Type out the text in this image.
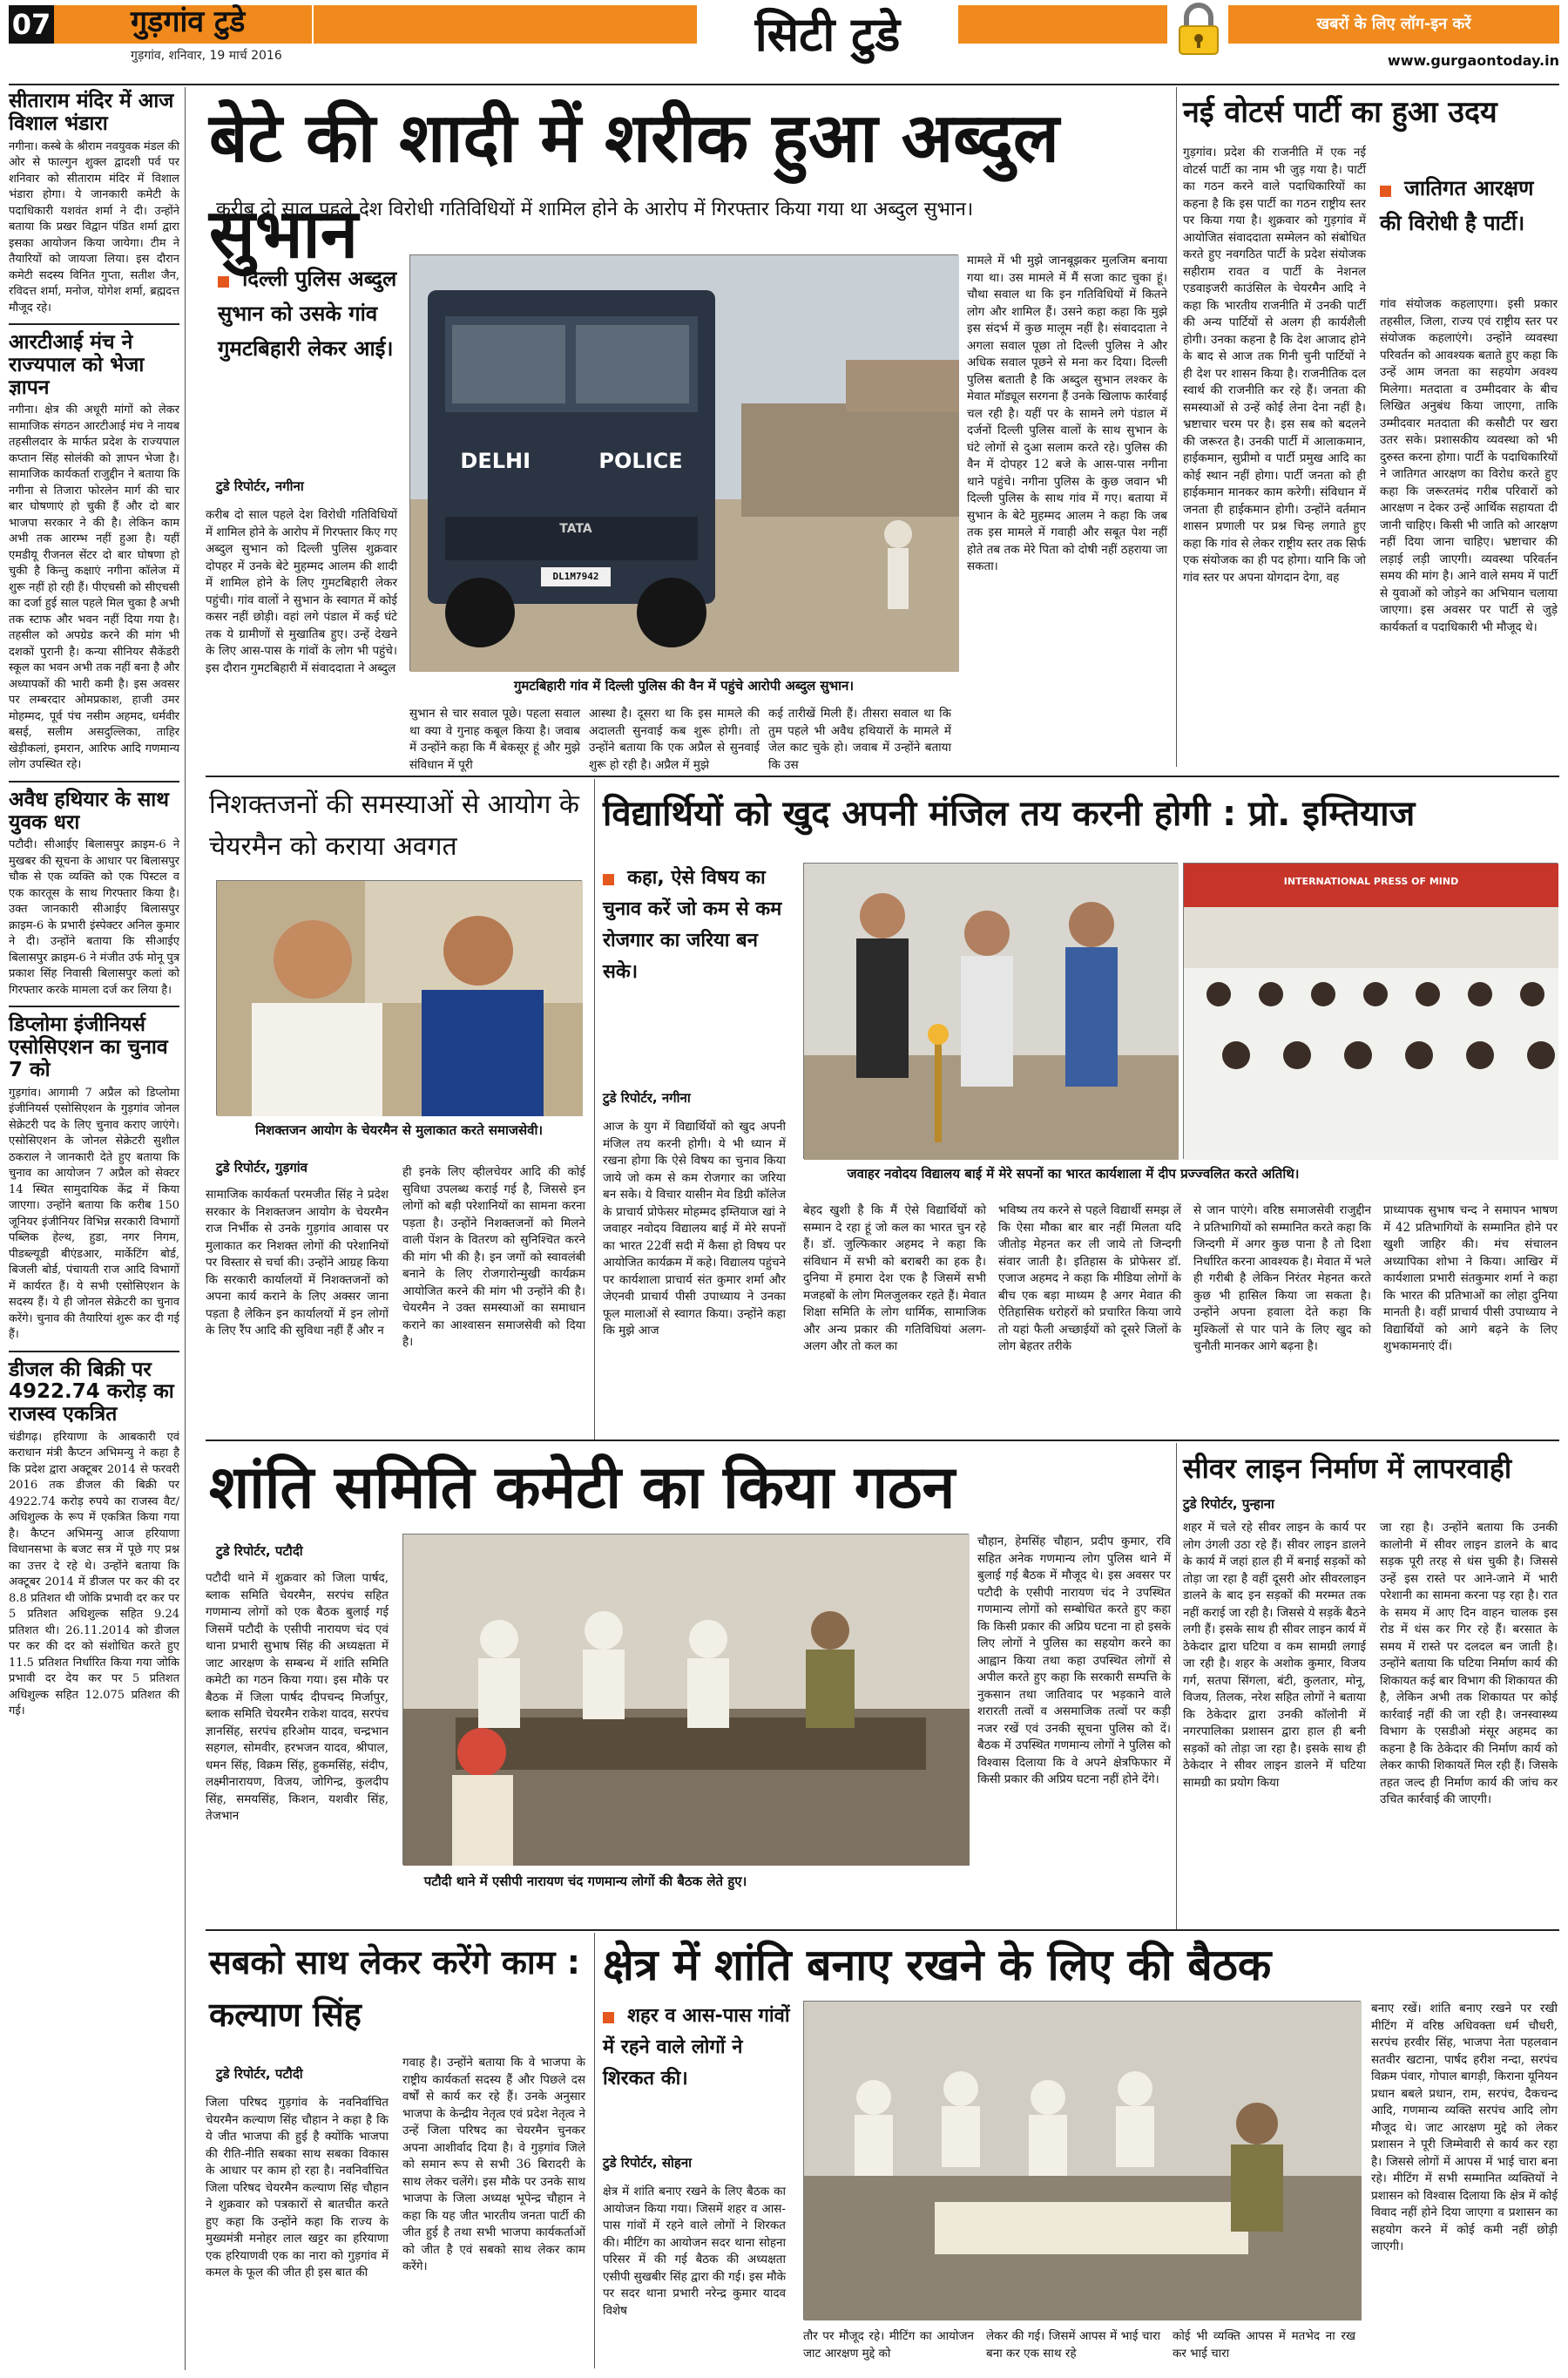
07	गुड़गांव टुडे
गुड़गांव, शनिवार, 19 मार्च 2016	सिटी टुडे	खबरों के लिए लॉग-इन करें
www.gurgaontoday.in
सीताराम मंदिर में आज विशाल भंडारा
नगीना। कस्बे के श्रीराम नवयुवक मंडल की ओर से फाल्गुन शुक्ल द्वादशी पर्व पर शनिवार को सीताराम मंदिर में विशाल भंडारा होगा। ये जानकारी कमेटी के पदाधिकारी यशवंत शर्मा ने दी। उन्होंने बताया कि प्रखर विद्वान पंडित शर्मा द्वारा इसका आयोजन किया जायेगा। टीम ने तैयारियों को जायजा लिया। इस दौरान कमेटी सदस्य विनित गुप्ता, सतीश जैन, रविदत्त शर्मा, मनोज, योगेश शर्मा, ब्रह्मदत्त मौजूद रहे।
आरटीआई मंच ने राज्यपाल को भेजा ज्ञापन
नगीना। क्षेत्र की अधूरी मांगों को लेकर सामाजिक संगठन आरटीआई मंच ने नायब तहसीलदार के मार्फत प्रदेश के राज्यपाल कप्तान सिंह सोलंकी को ज्ञापन भेजा है। सामाजिक कार्यकर्ता राजुद्दीन ने बताया कि नगीना से तिजारा फोरलेन मार्ग की चार बार घोषणाएं हो चुकी हैं और दो बार भाजपा सरकार ने की है। लेकिन काम अभी तक आरम्भ नहीं हुआ है। यहीं एमडीयू रीजनल सेंटर दो बार घोषणा हो चुकी है किन्तु कक्षाएं नगीना कॉलेज में शुरू नहीं हो रही हैं। पीएचसी को सीएचसी का दर्जा हुई साल पहले मिल चुका है अभी तक स्टाफ और भवन नहीं दिया गया है। तहसील को अपग्रेड करने की मांग भी दशकों पुरानी है। कन्या सीनियर सैकेंडरी स्कूल का भवन अभी तक नहीं बना है और अध्यापकों की भारी कमी है। इस अवसर पर लम्बरदार ओमप्रकाश, हाजी उमर मोहम्मद, पूर्व पंच नसीम अहमद, धर्मवीर बसई, सलीम असदुल्लिका, ताहिर खेड़ीकलां, इमरान, आरिफ आदि गणमान्य लोग उपस्थित रहे।
अवैध हथियार के साथ युवक धरा
पटौदी। सीआईए बिलासपुर क्राइम-6 ने मुखबर की सूचना के आधार पर बिलासपुर चौक से एक व्यक्ति को एक पिस्टल व एक कारतूस के साथ गिरफ्तार किया है। उक्त जानकारी सीआईए बिलासपुर क्राइम-6 के प्रभारी इंस्पेक्टर अनिल कुमार ने दी। उन्होंने बताया कि सीआईए बिलासपुर क्राइम-6 ने मंजीत उर्फ मोनू पुत्र प्रकाश सिंह निवासी बिलासपुर कलां को गिरफ्तार करके मामला दर्ज कर लिया है।
डिप्लोमा इंजीनियर्स एसोसिएशन का चुनाव 7 को
गुड़गांव। आगामी 7 अप्रैल को डिप्लोमा इंजीनियर्स एसोसिएशन के गुड़गांव जोनल सेक्रेटरी पद के लिए चुनाव कराए जाएंगे। एसोसिएशन के जोनल सेक्रेटरी सुशील ठकराल ने जानकारी देते हुए बताया कि चुनाव का आयोजन 7 अप्रैल को सेक्टर 14 स्थित सामुदायिक केंद्र में किया जाएगा। उन्होंने बताया कि करीब 150 जूनियर इंजीनियर विभिन्न सरकारी विभागों पब्लिक हेल्थ, हुडा, नगर निगम, पीडब्ल्यूडी बीएंडआर, मार्केटिंग बोर्ड, बिजली बोर्ड, पंचायती राज आदि विभागों में कार्यरत हैं। ये सभी एसोसिएशन के सदस्य हैं। ये ही जोनल सेक्रेटरी का चुनाव करेंगे। चुनाव की तैयारियां शुरू कर दी गई हैं।
डीजल की बिक्री पर 4922.74 करोड़ का राजस्व एकत्रित
चंडीगढ़। हरियाणा के आबकारी एवं कराधान मंत्री कैप्टन अभिमन्यु ने कहा है कि प्रदेश द्वारा अक्टूबर 2014 से फरवरी 2016 तक डीजल की बिक्री पर 4922.74 करोड़ रुपये का राजस्व वैट/अधिशुल्क के रूप में एकत्रित किया गया है। कैप्टन अभिमन्यु आज हरियाणा विधानसभा के बजट सत्र में पूछे गए प्रश्न का उत्तर दे रहे थे। उन्होंने बताया कि अक्टूबर 2014 में डीजल पर कर की दर 8.8 प्रतिशत थी जोकि प्रभावी दर कर पर 5 प्रतिशत अधिशुल्क सहित 9.24 प्रतिशत थी। 26.11.2014 को डीजल पर कर की दर को संशोधित करते हुए 11.5 प्रतिशत निर्धारित किया गया जोकि प्रभावी दर देय कर पर 5 प्रतिशत अधिशुल्क सहित 12.075 प्रतिशत की गई।
बेटे की शादी में शरीक हुआ अब्दुल सुभान
करीब दो साल पहले देश विरोधी गतिविधियों में शामिल होने के आरोप में गिरफ्तार किया गया था अब्दुल सुभान।
दिल्ली पुलिस अब्दुल सुभान को उसके गांव गुमटबिहारी लेकर आई।
टुडे रिपोर्टर, नगीना
करीब दो साल पहले देश विरोधी गतिविधियों में शामिल होने के आरोप में गिरफ्तार किए गए अब्दुल सुभान को दिल्ली पुलिस शुक्रवार दोपहर में उनके बेटे मुहम्मद आलम की शादी में शामिल होने के लिए गुमटबिहारी लेकर पहुंची। गांव वालों ने सुभान के स्वागत में कोई कसर नहीं छोड़ी। वहां लगे पंडाल में कई घंटे तक ये ग्रामीणों से मुखातिब हुए। उन्हें देखने के लिए आस-पास के गांवों के लोग भी पहुंचे। इस दौरान गुमटबिहारी में संवाददाता ने अब्दुल
DELHI POLICE
TATA
DL1M7942
गुमटबिहारी गांव में दिल्ली पुलिस की वैन में पहुंचे आरोपी अब्दुल सुभान।
सुभान से चार सवाल पूछे। पहला सवाल था क्या वे गुनाह कबूल किया है। जवाब में उन्होंने कहा कि मैं बेकसूर हूं और मुझे संविधान में पूरी
आस्था है। दूसरा था कि इस मामले की अदालती सुनवाई कब शुरू होगी। तो उन्होंने बताया कि एक अप्रैल से सुनवाई शुरू हो रही है। अप्रैल में मुझे
कई तारीखें मिली हैं। तीसरा सवाल था कि तुम पहले भी अवैध हथियारों के मामले में जेल काट चुके हो। जवाब में उन्होंने बताया कि उस
मामले में भी मुझे जानबूझकर मुलजिम बनाया गया था। उस मामले में मैं सजा काट चुका हूं। चौथा सवाल था कि इन गतिविधियों में कितने लोग और शामिल हैं। उसने कहा कहा कि मुझे इस संदर्भ में कुछ मालूम नहीं है। संवाददाता ने अगला सवाल पूछा तो दिल्ली पुलिस ने और अधिक सवाल पूछने से मना कर दिया। दिल्ली पुलिस बताती है कि अब्दुल सुभान लश्कर के मेवात मॉड्यूल सरगना हैं उनके खिलाफ कार्रवाई चल रही है। यहीं पर के सामने लगे पंडाल में दर्जनों दिल्ली पुलिस वालों के साथ सुभान के घंटे लोगों से दुआ सलाम करते रहे। पुलिस की वैन में दोपहर 12 बजे के आस-पास नगीना थाने पहुंचे। नगीना पुलिस के कुछ जवान भी दिल्ली पुलिस के साथ गांव में गए। बताया में सुभान के बेटे मुहम्मद आलम ने कहा कि जब तक इस मामले में गवाही और सबूत पेश नहीं होते तब तक मेरे पिता को दोषी नहीं ठहराया जा सकता।
नई वोटर्स पार्टी का हुआ उदय
गुड़गांव। प्रदेश की राजनीति में एक नई वोटर्स पार्टी का नाम भी जुड़ गया है। पार्टी का गठन करने वाले पदाधिकारियों का कहना है कि इस पार्टी का गठन राष्ट्रीय स्तर पर किया गया है। शुक्रवार को गुड़गांव में आयोजित संवाददाता सम्मेलन को संबोधित करते हुए नवगठित पार्टी के प्रदेश संयोजक सहीराम रावत व पार्टी के नेशनल एडवाइजरी काउंसिल के चेयरमैन आदि ने कहा कि भारतीय राजनीति में उनकी पार्टी की अन्य पार्टियों से अलग ही कार्यशैली होगी। उनका कहना है कि देश आजाद होने के बाद से आज तक गिनी चुनी पार्टियों ने ही देश पर शासन किया है। राजनीतिक दल स्वार्थ की राजनीति कर रहे हैं। जनता की समस्याओं से उन्हें कोई लेना देना नहीं है। भ्रष्टाचार चरम पर है। इस सब को बदलने की जरूरत है। उनकी पार्टी में आलाकमान, हाईकमान, सुप्रीमो व पार्टी प्रमुख आदि का कोई स्थान नहीं होगा। पार्टी जनता को ही हाईकमान मानकर काम करेगी। संविधान में जनता ही हाईकमान होगी। उन्होंने वर्तमान शासन प्रणाली पर प्रश्न चिन्ह लगाते हुए कहा कि गांव से लेकर राष्ट्रीय स्तर तक सिर्फ एक संयोजक का ही पद होगा। यानि कि जो गांव स्तर पर अपना योगदान देगा, वह
जातिगत आरक्षण की विरोधी है पार्टी।
गांव संयोजक कहलाएगा। इसी प्रकार तहसील, जिला, राज्य एवं राष्ट्रीय स्तर पर संयोजक कहलाएंगे। उन्होंने व्यवस्था परिवर्तन को आवश्यक बताते हुए कहा कि उन्हें आम जनता का सहयोग अवश्य मिलेगा। मतदाता व उम्मीदवार के बीच लिखित अनुबंध किया जाएगा, ताकि उम्मीदवार मतदाता की कसौटी पर खरा उतर सके। प्रशासकीय व्यवस्था को भी दुरुस्त करना होगा। पार्टी के पदाधिकारियों ने जातिगत आरक्षण का विरोध करते हुए कहा कि जरूरतमंद गरीब परिवारों को आरक्षण न देकर उन्हें आर्थिक सहायता दी जानी चाहिए। किसी भी जाति को आरक्षण नहीं दिया जाना चाहिए। भ्रष्टाचार की लड़ाई लड़ी जाएगी। व्यवस्था परिवर्तन समय की मांग है। आने वाले समय में पार्टी से युवाओं को जोड़ने का अभियान चलाया जाएगा। इस अवसर पर पार्टी से जुड़े कार्यकर्ता व पदाधिकारी भी मौजूद थे।
निशक्तजनों की समस्याओं से आयोग के चेयरमैन को कराया अवगत
निशक्तजन आयोग के चेयरमैन से मुलाकात करते समाजसेवी।
टुडे रिपोर्टर, गुड़गांव
सामाजिक कार्यकर्ता परमजीत सिंह ने प्रदेश सरकार के निशक्तजन आयोग के चेयरमैन राज निर्भीक से उनके गुड़गांव आवास पर मुलाकात कर निशक्त लोगों की परेशानियों पर विस्तार से चर्चा की। उन्होंने आग्रह किया कि सरकारी कार्यालयों में निशक्तजनों को अपना कार्य कराने के लिए अक्सर जाना पड़ता है लेकिन इन कार्यालयों में इन लोगों के लिए रैंप आदि की सुविधा नहीं हैं और न
ही इनके लिए व्हीलचेयर आदि की कोई सुविधा उपलब्ध कराई गई है, जिससे इन लोगों को बड़ी परेशानियों का सामना करना पड़ता है। उन्होंने निशक्तजनों को मिलने वाली पेंशन के वितरण को सुनिश्चित करने की मांग भी की है। इन जगों को स्वावलंबी बनाने के लिए रोजगारोन्मुखी कार्यक्रम आयोजित करने की मांग भी उन्होंने की है। चेयरमैन ने उक्त समस्याओं का समाधान कराने का आश्वासन समाजसेवी को दिया है।
विद्यार्थियों को खुद अपनी मंजिल तय करनी होगी : प्रो. इम्तियाज
कहा, ऐसे विषय का चुनाव करें जो कम से कम रोजगार का जरिया बन सके।
टुडे रिपोर्टर, नगीना
आज के युग में विद्यार्थियों को खुद अपनी मंजिल तय करनी होगी। ये भी ध्यान में रखना होगा कि ऐसे विषय का चुनाव किया जाये जो कम से कम रोजगार का जरिया बन सके। ये विचार यासीन मेव डिग्री कॉलेज के प्राचार्य प्रोफेसर मोहम्मद इम्तियाज खां ने जवाहर नवोदय विद्यालय बाई में मेरे सपनों का भारत 22वीं सदी में कैसा हो विषय पर आयोजित कार्यक्रम में कहे। विद्यालय पहुंचने पर कार्यशाला प्राचार्य संत कुमार शर्मा और जेएनवी प्राचार्य पीसी उपाध्याय ने उनका फूल मालाओं से स्वागत किया। उन्होंने कहा कि मुझे आज
INTERNATIONAL PRESS OF MIND
जवाहर नवोदय विद्यालय बाई में मेरे सपनों का भारत कार्यशाला में दीप प्रज्ज्वलित करते अतिथि।
बेहद खुशी है कि मैं ऐसे विद्यार्थियों को सम्मान दे रहा हूं जो कल का भारत चुन रहे हैं। डॉ. जुल्फिकार अहमद ने कहा कि संविधान में सभी को बराबरी का हक है। दुनिया में हमारा देश एक है जिसमें सभी मजहबों के लोग मिलजुलकर रहते हैं। मेवात शिक्षा समिति के लोग धार्मिक, सामाजिक और अन्य प्रकार की गतिविधियां अलग-अलग और तो कल का
भविष्य तय करने से पहले विद्यार्थी समझ लें कि ऐसा मौका बार बार नहीं मिलता यदि जीतोड़ मेहनत कर ली जाये तो जिन्दगी संवार जाती है। इतिहास के प्रोफेसर डॉ. एजाज अहमद ने कहा कि मीडिया लोगों के बीच एक बड़ा माध्यम है अगर मेवात की ऐतिहासिक धरोहरों को प्रचारित किया जाये तो यहां फैली अच्छाईयों को दूसरे जिलों के लोग बेहतर तरीके
से जान पाएंगे। वरिष्ठ समाजसेवी राजुद्दीन ने प्रतिभागियों को सम्मानित करते कहा कि जिन्दगी में अगर कुछ पाना है तो दिशा निर्धारित करना आवश्यक है। मेवात में भले ही गरीबी है लेकिन निरंतर मेहनत करते कुछ भी हासिल किया जा सकता है। उन्होंने अपना हवाला देते कहा कि मुश्किलों से पार पाने के लिए खुद को चुनौती मानकर आगे बढ़ना है।
प्राध्यापक सुभाष चन्द ने समापन भाषण में 42 प्रतिभागियों के सम्मानित होने पर खुशी जाहिर की। मंच संचालन अध्यापिका शोभा ने किया। आखिर में कार्यशाला प्रभारी संतकुमार शर्मा ने कहा कि भारत की प्रतिभाओं का लोहा दुनिया मानती है। वहीं प्राचार्य पीसी उपाध्याय ने विद्यार्थियों को आगे बढ़ने के लिए शुभकामनाएं दीं।
शांति समिति कमेटी का किया गठन
टुडे रिपोर्टर, पटौदी
पटौदी थाने में शुक्रवार को जिला पार्षद, ब्लाक समिति चेयरमैन, सरपंच सहित गणमान्य लोगों को एक बैठक बुलाई गई जिसमें पटौदी के एसीपी नारायण चंद एवं थाना प्रभारी सुभाष सिंह की अध्यक्षता में जाट आरक्षण के सम्बन्ध में शांति समिति कमेटी का गठन किया गया। इस मौके पर बैठक में जिला पार्षद दीपचन्द मिर्जापुर, ब्लाक समिति चेयरमैन राकेश यादव, सरपंच ज्ञानसिंह, सरपंच हरिओम यादव, चन्द्रभान सहगल, सोमवीर, हरभजन यादव, श्रीपाल, धमन सिंह, विक्रम सिंह, हुकमसिंह, संदीप, लक्ष्मीनारायण, विजय, जोगिन्द्र, कुलदीप सिंह, समयसिंह, किशन, यशवीर सिंह, तेजभान
पटौदी थाने में एसीपी नारायण चंद गणमान्य लोगों की बैठक लेते हुए।
चौहान, हेमसिंह चौहान, प्रदीप कुमार, रवि सहित अनेक गणमान्य लोग पुलिस थाने में बुलाई गई बैठक में मौजूद थे। इस अवसर पर पटौदी के एसीपी नारायण चंद ने उपस्थित गणमान्य लोगों को सम्बोधित करते हुए कहा कि किसी प्रकार की अप्रिय घटना ना हो इसके लिए लोगों ने पुलिस का सहयोग करने का आह्वान किया तथा कहा उपस्थित लोगों से अपील करते हुए कहा कि सरकारी सम्पत्ति के नुकसान तथा जातिवाद पर भड़काने वाले शरारती तत्वों व असमाजिक तत्वों पर कड़ी नजर रखें एवं उनकी सूचना पुलिस को दें। बैठक में उपस्थित गणमान्य लोगों ने पुलिस को विश्वास दिलाया कि वे अपने क्षेत्रफिफार में किसी प्रकार की अप्रिय घटना नहीं होने देंगे।
सीवर लाइन निर्माण में लापरवाही
टुडे रिपोर्टर, पुन्हाना
शहर में चले रहे सीवर लाइन के कार्य पर लोग उंगली उठा रहे हैं। सीवर लाइन डालने के कार्य में जहां हाल ही में बनाई सड़कों को तोड़ा जा रहा है वहीं दूसरी ओर सीवरलाइन डालने के बाद इन सड़कों की मरम्मत तक नहीं कराई जा रही है। जिससे ये सड़कें बैठने लगी हैं। इसके साथ ही सीवर लाइन कार्य में ठेकेदार द्वारा घटिया व कम सामग्री लगाई जा रही है। शहर के अशोक कुमार, विजय गर्ग, सतपा सिंगला, बंटी, कुलतार, मोनू, विजय, तिलक, नरेश सहित लोगों ने बताया कि ठेकेदार द्वारा उनकी कॉलोनी में नगरपालिका प्रशासन द्वारा हाल ही बनी सड़कों को तोड़ा जा रहा है। इसके साथ ही ठेकेदार ने सीवर लाइन डालने में घटिया सामग्री का प्रयोग किया
जा रहा है। उन्होंने बताया कि उनकी कालोनी में सीवर लाइन डालने के बाद सड़क पूरी तरह से धंस चुकी है। जिससे उन्हें इस रास्ते पर आने-जाने में भारी परेशानी का सामना करना पड़ रहा है। रात के समय में आए दिन वाहन चालक इस रोड में धंस कर गिर रहे हैं। बरसात के समय में रास्ते पर दलदल बन जाती है। उन्होंने बताया कि घटिया निर्माण कार्य की शिकायत कई बार विभाग की शिकायत की है, लेकिन अभी तक शिकायत पर कोई कार्रवाई नहीं की जा रही है। जनस्वास्थ्य विभाग के एसडीओ मंसूर अहमद का कहना है कि ठेकेदार की निर्माण कार्य को लेकर काफी शिकायतें मिल रही हैं। जिसके तहत जल्द ही निर्माण कार्य की जांच कर उचित कार्रवाई की जाएगी।
सबको साथ लेकर करेंगे काम : कल्याण सिंह
टुडे रिपोर्टर, पटौदी
जिला परिषद गुड़गांव के नवनिर्वाचित चेयरमैन कल्याण सिंह चौहान ने कहा है कि ये जीत भाजपा की हुई है क्योंकि भाजपा की रीति-नीति सबका साथ सबका विकास के आधार पर काम हो रहा है। नवनिर्वाचित जिला परिषद चेयरमैन कल्याण सिंह चौहान ने शुक्रवार को पत्रकारों से बातचीत करते हुए कहा कि उन्होंने कहा कि राज्य के मुख्यमंत्री मनोहर लाल खट्टर का हरियाणा एक हरियाणवी एक का नारा को गुड़गांव में कमल के फूल की जीत ही इस बात की
गवाह है। उन्होंने बताया कि वे भाजपा के राष्ट्रीय कार्यकर्ता सदस्य हैं और पिछले दस वर्षों से कार्य कर रहे हैं। उनके अनुसार भाजपा के केन्द्रीय नेतृत्व एवं प्रदेश नेतृत्व ने उन्हें जिला परिषद का चेयरमैन चुनकर अपना आशीर्वाद दिया है। वे गुड़गांव जिले को समान रूप से सभी 36 बिरादरी के साथ लेकर चलेंगे। इस मौके पर उनके साथ भाजपा के जिला अध्यक्ष भूपेन्द्र चौहान ने कहा कि यह जीत भारतीय जनता पार्टी की जीत हुई है तथा सभी भाजपा कार्यकर्ताओं को जीत है एवं सबको साथ लेकर काम करेंगे।
क्षेत्र में शांति बनाए रखने के लिए की बैठक
शहर व आस-पास गांवों में रहने वाले लोगों ने शिरकत की।
टुडे रिपोर्टर, सोहना
क्षेत्र में शांति बनाए रखने के लिए बैठक का आयोजन किया गया। जिसमें शहर व आस-पास गांवों में रहने वाले लोगों ने शिरकत की। मीटिंग का आयोजन सदर थाना सोहना परिसर में की गई बैठक की अध्यक्षता एसीपी सुखबीर सिंह द्वारा की गई। इस मौके पर सदर थाना प्रभारी नरेन्द्र कुमार यादव विशेष
तौर पर मौजूद रहे। मीटिंग का आयोजन जाट आरक्षण मुद्दे को
लेकर की गई। जिसमें आपस में भाई चारा बना कर एक साथ रहे
कोई भी व्यक्ति आपस में मतभेद ना रख कर भाई चारा
बनाए रखें। शांति बनाए रखने पर रखी मीटिंग में वरिष्ठ अधिवक्ता धर्म चौधरी, सरपंच हरवीर सिंह, भाजपा नेता पहलवान सतवीर खटाना, पार्षद हरीश नन्दा, सरपंच विक्रम पंवार, गोपाल बागड़ी, किराना यूनियन प्रधान बबले प्रधान, राम, सरपंच, दैकचन्द आदि, गणमान्य व्यक्ति सरपंच आदि लोग मौजूद थे। जाट आरक्षण मुद्दे को लेकर प्रशासन ने पूरी जिम्मेवारी से कार्य कर रहा है। जिससे लोगों में आपस में भाई चारा बना रहे। मीटिंग में सभी सम्मानित व्यक्तियों ने प्रशासन को विश्वास दिलाया कि क्षेत्र में कोई विवाद नहीं होने दिया जाएगा व प्रशासन का सहयोग करने में कोई कमी नहीं छोड़ी जाएगी।
